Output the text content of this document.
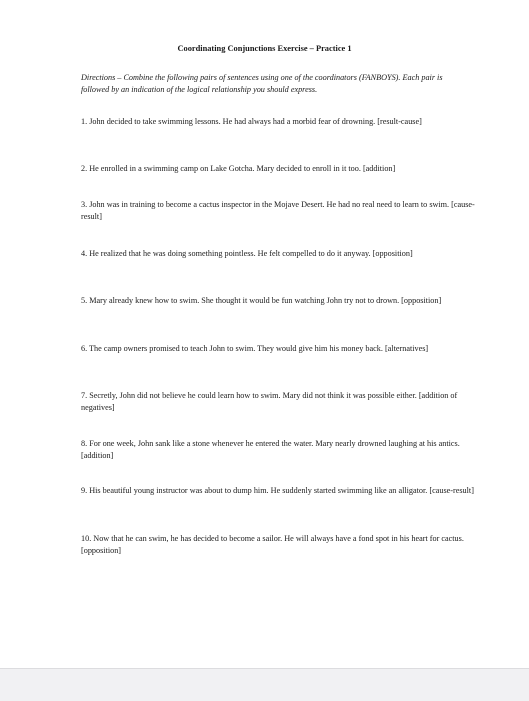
Coordinating Conjunctions Exercise – Practice 1
Directions – Combine the following pairs of sentences using one of the coordinators (FANBOYS). Each pair is followed by an indication of the logical relationship you should express.
1. John decided to take swimming lessons. He had always had a morbid fear of drowning. [result-cause]
2. He enrolled in a swimming camp on Lake Gotcha. Mary decided to enroll in it too. [addition]
3. John was in training to become a cactus inspector in the Mojave Desert. He had no real need to learn to swim. [cause-result]
4. He realized that he was doing something pointless. He felt compelled to do it anyway. [opposition]
5. Mary already knew how to swim. She thought it would be fun watching John try not to drown. [opposition]
6. The camp owners promised to teach John to swim. They would give him his money back. [alternatives]
7. Secretly, John did not believe he could learn how to swim. Mary did not think it was possible either. [addition of negatives]
8. For one week, John sank like a stone whenever he entered the water. Mary nearly drowned laughing at his antics. [addition]
9. His beautiful young instructor was about to dump him. He suddenly started swimming like an alligator. [cause-result]
10. Now that he can swim, he has decided to become a sailor. He will always have a fond spot in his heart for cactus. [opposition]
